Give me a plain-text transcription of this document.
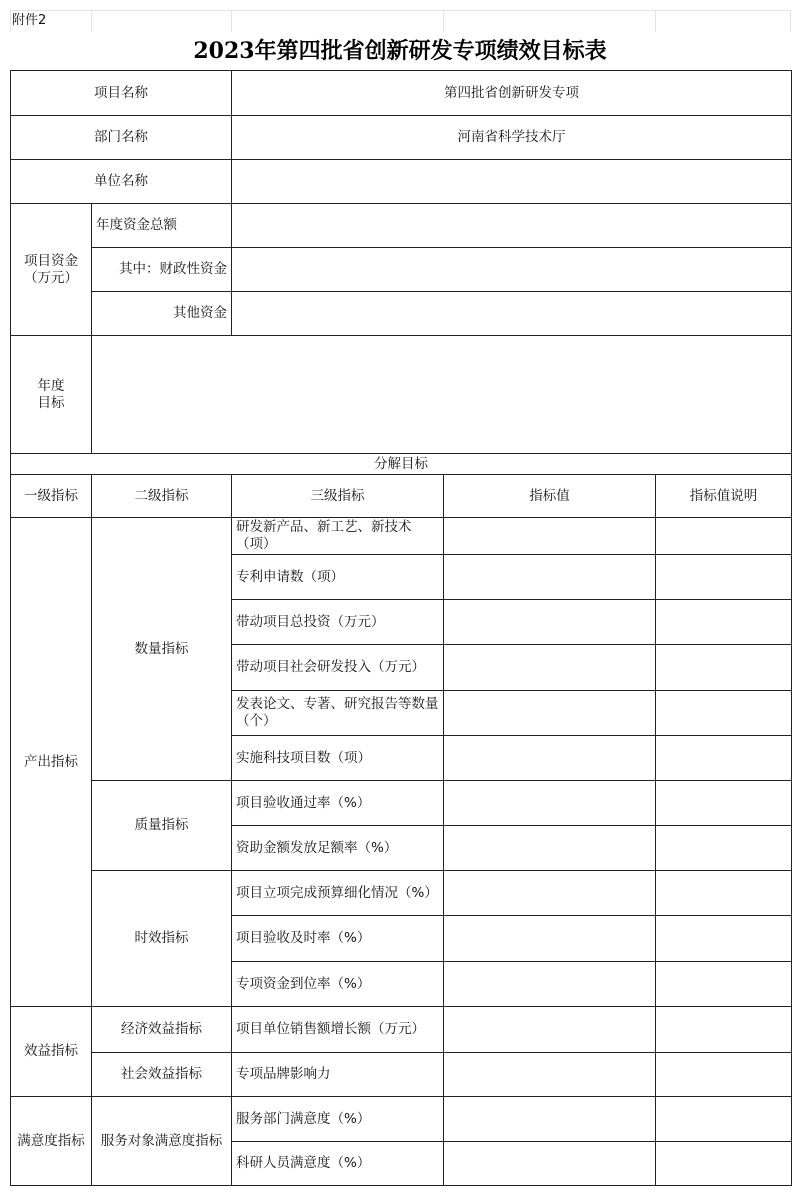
附件2
2023年第四批省创新研发专项绩效目标表
项目名称		第四批省创新研发专项		
部门名称		河南省科学技术厅		
单位名称				
项目资金
（万元）	年度资金总额			
	其中：财政性资金			
	其他资金			
年度
目标				
分解目标				
一级指标	二级指标	三级指标	指标值	指标值说明
产出指标	数量指标	研发新产品、新工艺、新技术（项）		
		专利申请数（项）		
		带动项目总投资（万元）		
		带动项目社会研发投入（万元）		
		发表论文、专著、研究报告等数量（个）		
		实施科技项目数（项）		
	质量指标	项目验收通过率（%）		
		资助金额发放足额率（%）		
	时效指标	项目立项完成预算细化情况（%）		
		项目验收及时率（%）		
		专项资金到位率（%）		
效益指标	经济效益指标	项目单位销售额增长额（万元）		
	社会效益指标	专项品牌影响力		
满意度指标	服务对象满意度指标	服务部门满意度（%）		
		科研人员满意度（%）		
